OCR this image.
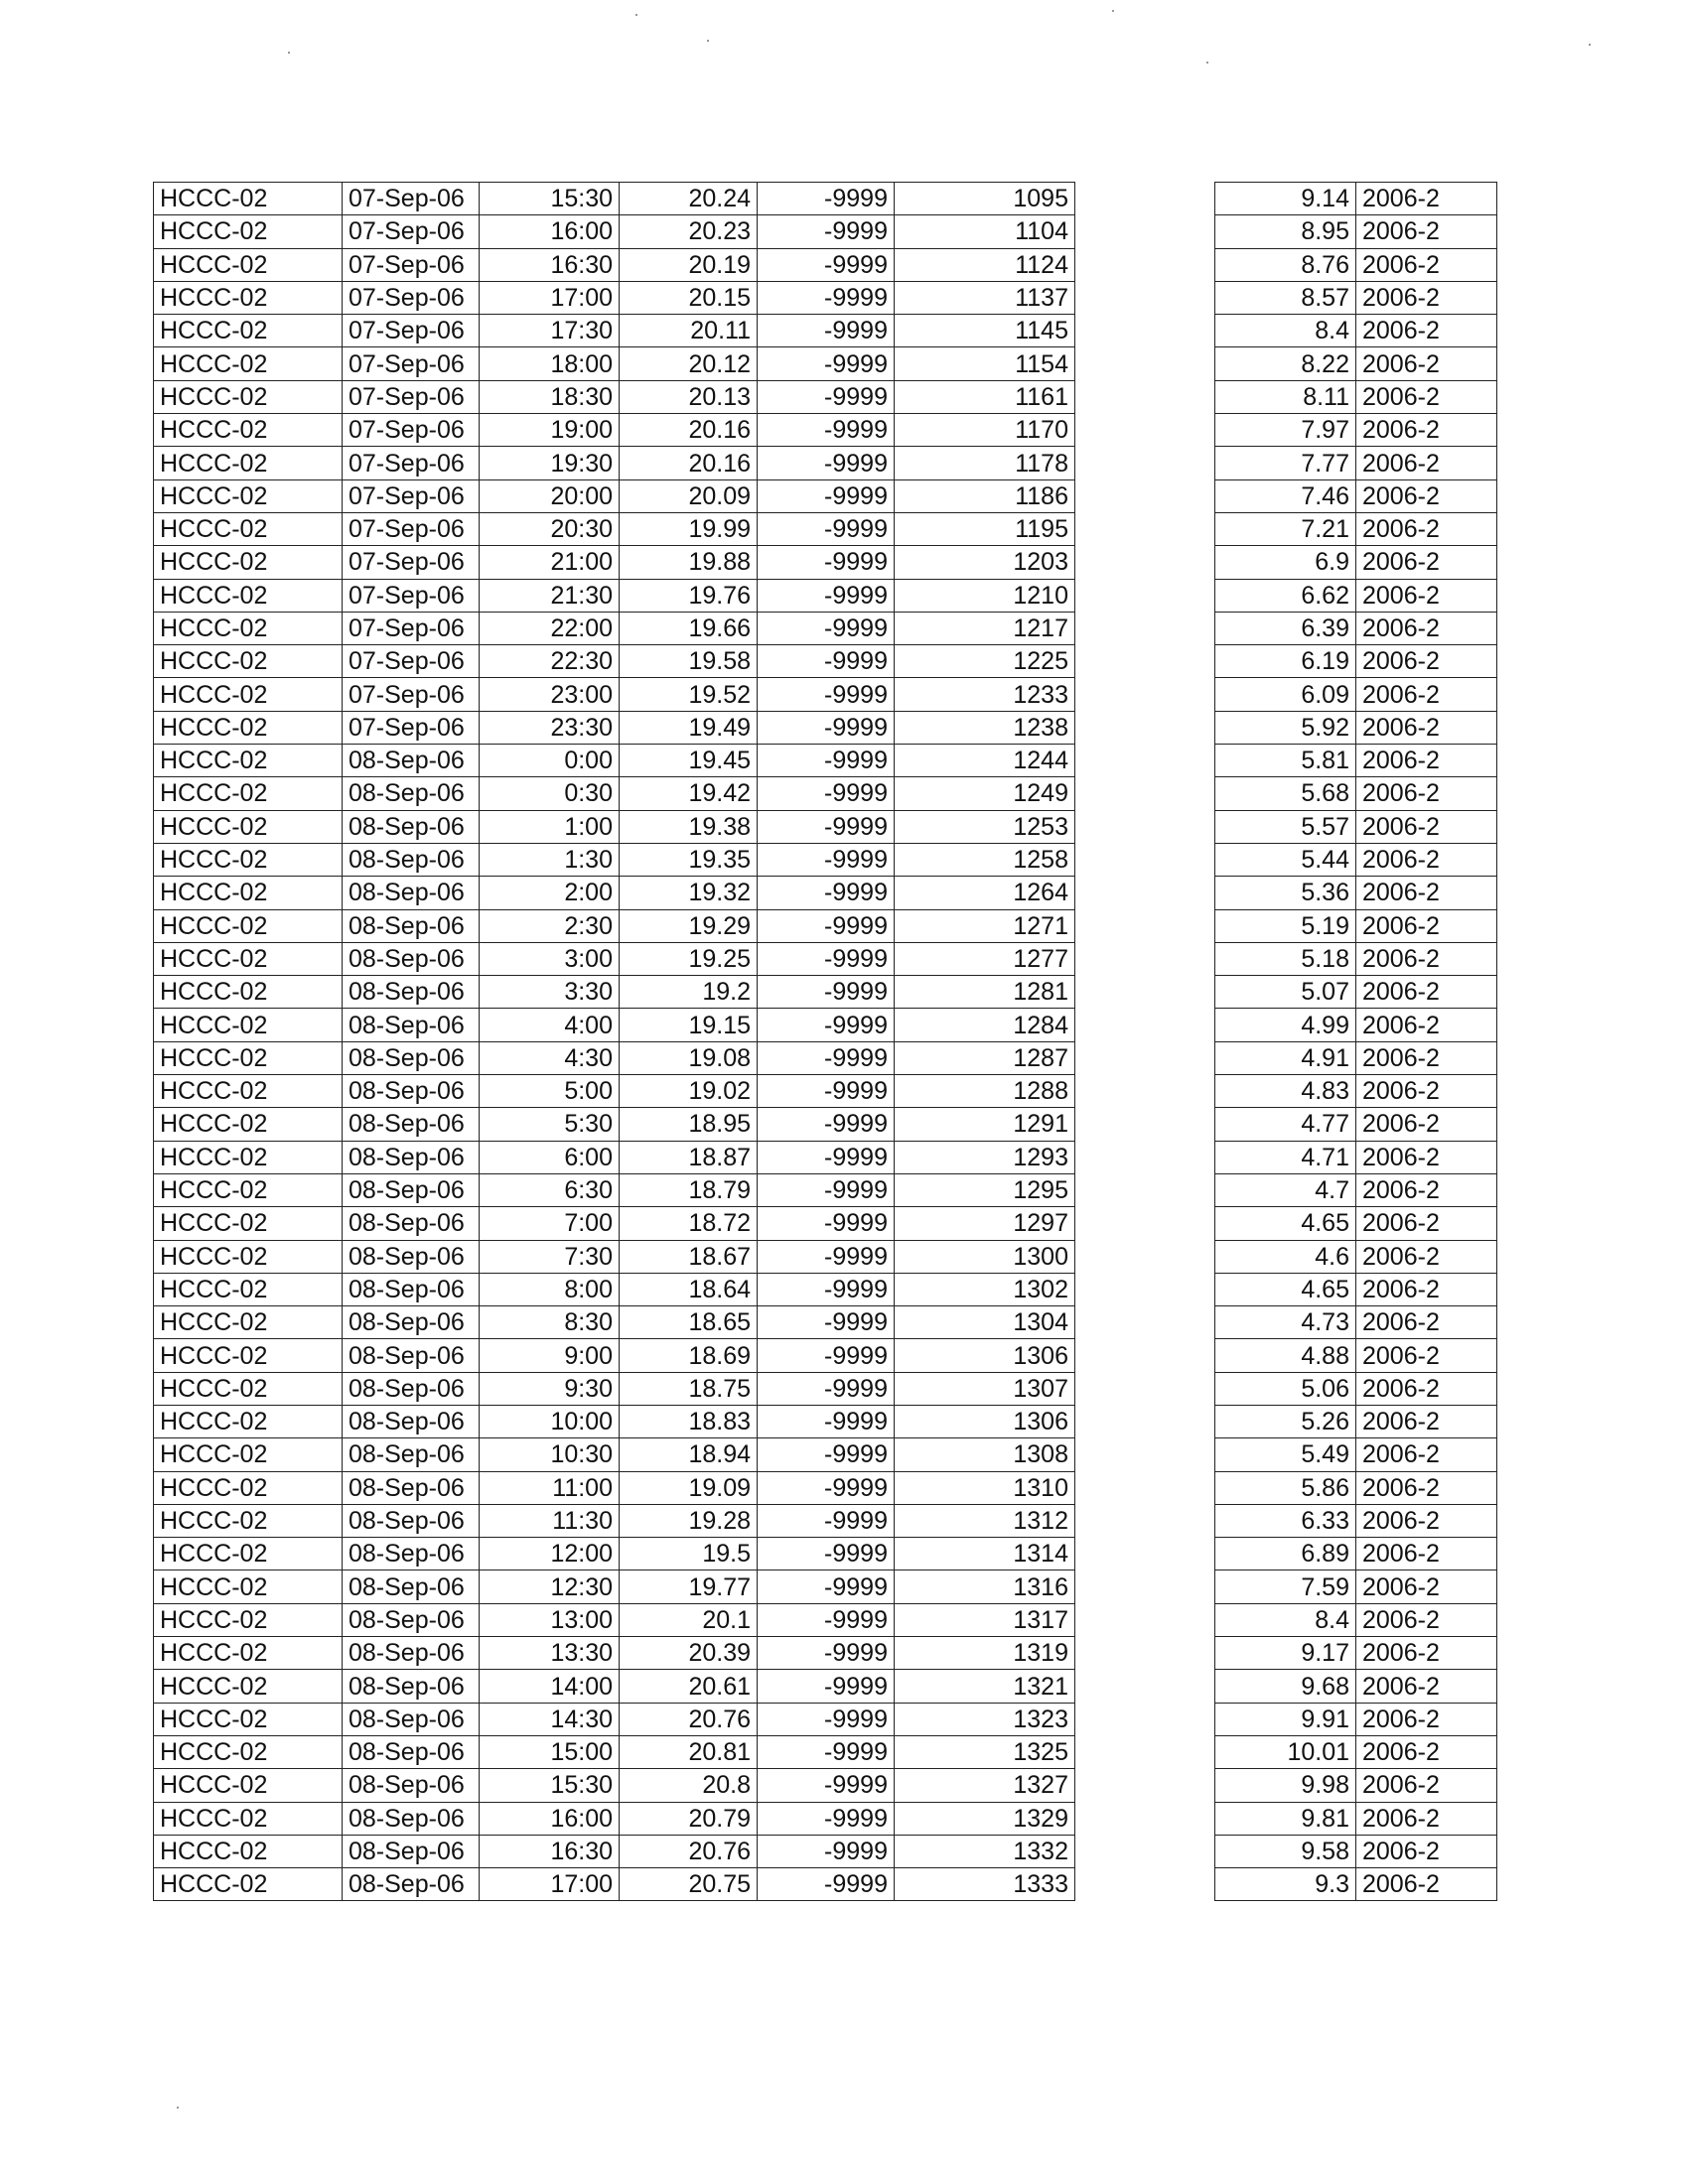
HCCC-02	07-Sep-06	15:30	20.24	-9999	1095
HCCC-02	07-Sep-06	16:00	20.23	-9999	1104
HCCC-02	07-Sep-06	16:30	20.19	-9999	1124
HCCC-02	07-Sep-06	17:00	20.15	-9999	1137
HCCC-02	07-Sep-06	17:30	20.11	-9999	1145
HCCC-02	07-Sep-06	18:00	20.12	-9999	1154
HCCC-02	07-Sep-06	18:30	20.13	-9999	1161
HCCC-02	07-Sep-06	19:00	20.16	-9999	1170
HCCC-02	07-Sep-06	19:30	20.16	-9999	1178
HCCC-02	07-Sep-06	20:00	20.09	-9999	1186
HCCC-02	07-Sep-06	20:30	19.99	-9999	1195
HCCC-02	07-Sep-06	21:00	19.88	-9999	1203
HCCC-02	07-Sep-06	21:30	19.76	-9999	1210
HCCC-02	07-Sep-06	22:00	19.66	-9999	1217
HCCC-02	07-Sep-06	22:30	19.58	-9999	1225
HCCC-02	07-Sep-06	23:00	19.52	-9999	1233
HCCC-02	07-Sep-06	23:30	19.49	-9999	1238
HCCC-02	08-Sep-06	0:00	19.45	-9999	1244
HCCC-02	08-Sep-06	0:30	19.42	-9999	1249
HCCC-02	08-Sep-06	1:00	19.38	-9999	1253
HCCC-02	08-Sep-06	1:30	19.35	-9999	1258
HCCC-02	08-Sep-06	2:00	19.32	-9999	1264
HCCC-02	08-Sep-06	2:30	19.29	-9999	1271
HCCC-02	08-Sep-06	3:00	19.25	-9999	1277
HCCC-02	08-Sep-06	3:30	19.2	-9999	1281
HCCC-02	08-Sep-06	4:00	19.15	-9999	1284
HCCC-02	08-Sep-06	4:30	19.08	-9999	1287
HCCC-02	08-Sep-06	5:00	19.02	-9999	1288
HCCC-02	08-Sep-06	5:30	18.95	-9999	1291
HCCC-02	08-Sep-06	6:00	18.87	-9999	1293
HCCC-02	08-Sep-06	6:30	18.79	-9999	1295
HCCC-02	08-Sep-06	7:00	18.72	-9999	1297
HCCC-02	08-Sep-06	7:30	18.67	-9999	1300
HCCC-02	08-Sep-06	8:00	18.64	-9999	1302
HCCC-02	08-Sep-06	8:30	18.65	-9999	1304
HCCC-02	08-Sep-06	9:00	18.69	-9999	1306
HCCC-02	08-Sep-06	9:30	18.75	-9999	1307
HCCC-02	08-Sep-06	10:00	18.83	-9999	1306
HCCC-02	08-Sep-06	10:30	18.94	-9999	1308
HCCC-02	08-Sep-06	11:00	19.09	-9999	1310
HCCC-02	08-Sep-06	11:30	19.28	-9999	1312
HCCC-02	08-Sep-06	12:00	19.5	-9999	1314
HCCC-02	08-Sep-06	12:30	19.77	-9999	1316
HCCC-02	08-Sep-06	13:00	20.1	-9999	1317
HCCC-02	08-Sep-06	13:30	20.39	-9999	1319
HCCC-02	08-Sep-06	14:00	20.61	-9999	1321
HCCC-02	08-Sep-06	14:30	20.76	-9999	1323
HCCC-02	08-Sep-06	15:00	20.81	-9999	1325
HCCC-02	08-Sep-06	15:30	20.8	-9999	1327
HCCC-02	08-Sep-06	16:00	20.79	-9999	1329
HCCC-02	08-Sep-06	16:30	20.76	-9999	1332
HCCC-02	08-Sep-06	17:00	20.75	-9999	1333
9.14	2006-2
8.95	2006-2
8.76	2006-2
8.57	2006-2
8.4	2006-2
8.22	2006-2
8.11	2006-2
7.97	2006-2
7.77	2006-2
7.46	2006-2
7.21	2006-2
6.9	2006-2
6.62	2006-2
6.39	2006-2
6.19	2006-2
6.09	2006-2
5.92	2006-2
5.81	2006-2
5.68	2006-2
5.57	2006-2
5.44	2006-2
5.36	2006-2
5.19	2006-2
5.18	2006-2
5.07	2006-2
4.99	2006-2
4.91	2006-2
4.83	2006-2
4.77	2006-2
4.71	2006-2
4.7	2006-2
4.65	2006-2
4.6	2006-2
4.65	2006-2
4.73	2006-2
4.88	2006-2
5.06	2006-2
5.26	2006-2
5.49	2006-2
5.86	2006-2
6.33	2006-2
6.89	2006-2
7.59	2006-2
8.4	2006-2
9.17	2006-2
9.68	2006-2
9.91	2006-2
10.01	2006-2
9.98	2006-2
9.81	2006-2
9.58	2006-2
9.3	2006-2
